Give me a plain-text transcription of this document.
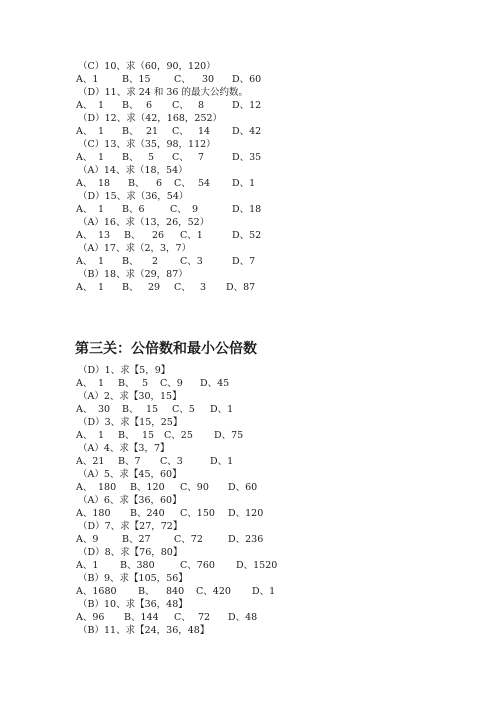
（C）10、求（60，90，120）
A、1 B、15 C、 30 D、60
（D）11、求 24 和 36 的最大公约数。
A、 1 B、 6 C、 8	D、12
（D）12、求（42，168，252）
A、 1 B、 21 C、 14 D、42
（C）13、求（35，98，112）
A、 1 B、 5 C、 7	D、35
（A）14、求（18，54）
A、 18 B、 6 C、 54 D、1
（D）15、求（36，54）
A、 1 B、6	C、 9	D、18
（A）16、求（13，26，52）
A、 13 B、 26 C、1	D、52
（A）17、求（2，3，7）
A、 1 B、 2 C、3	D、7
（B）18、求（29，87）
A、 1 B、 29 C、 3 D、87
第三关：公倍数和最小公倍数
（D）1、求【5，9】
A、 1 B、 5 C、9 D、45
（A）2、求【30，15】
A、 30 B、 15 C、5 D、1
（D）3、求【15，25】
A、 1 B、 15 C、25 D、75
（A）4、求【3，7】
A、21 B、7 C、3	D、1
（A）5、求【45，60】
A、 180 B、120 C、90 D、60
（A）6、求【36，60】
A、180 B、240 C、150 D、120
（D）7、求【27，72】
A、9 B、27 C、72	D、236
（D）8、求【76，80】
A、1 B、380	C、760 D、1520
（B）9、求【105，56】
A、1680 B、 840 C、420 D、1
（B）10、求【36，48】
A、96 B、144 C、 72 D、48
（B）11、求【24，36，48】
